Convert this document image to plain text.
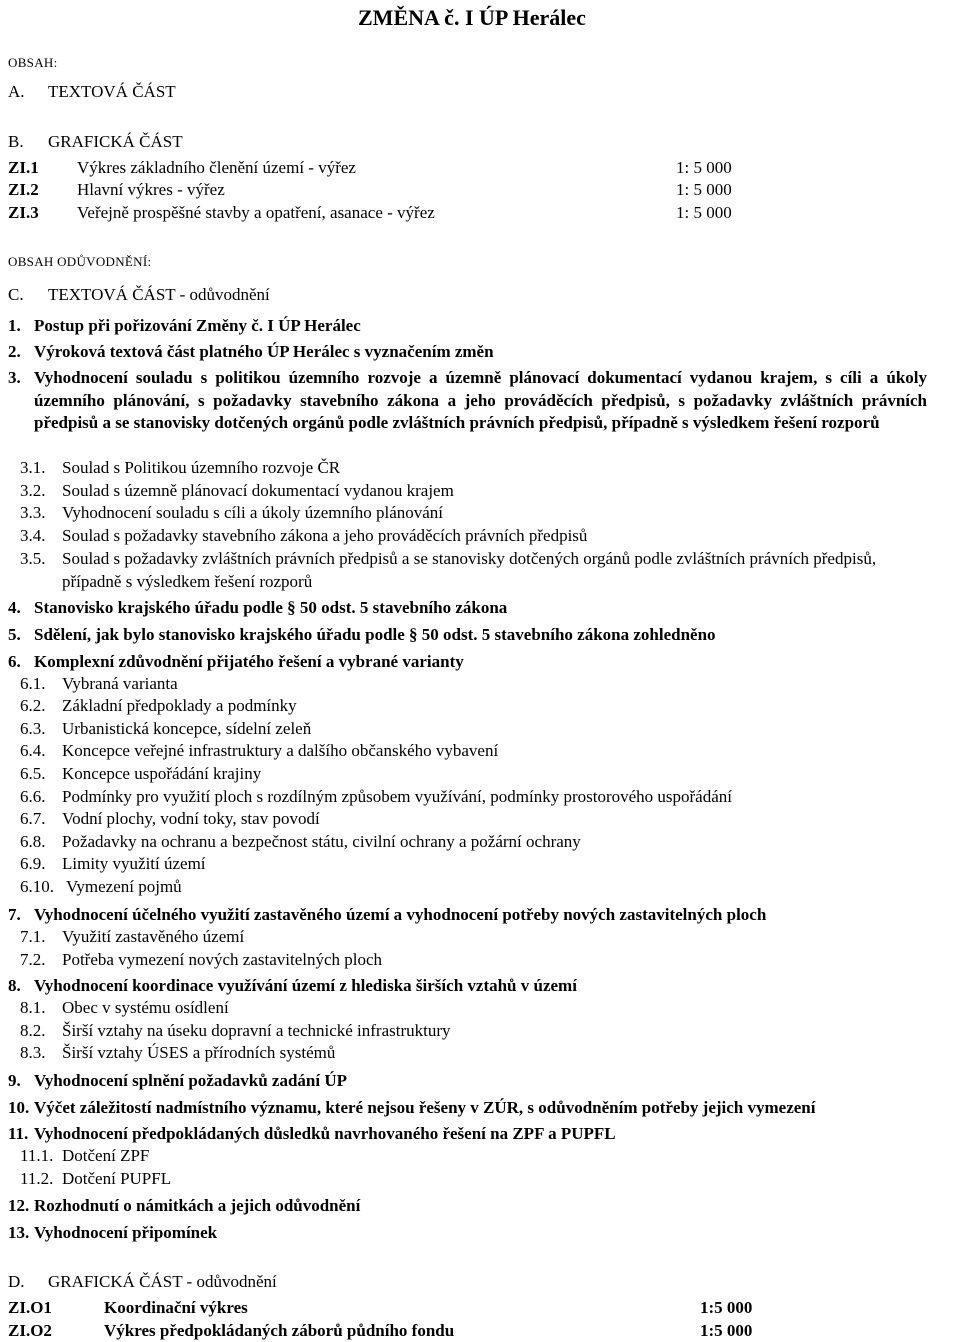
ZMĚNA č. I ÚP Herálec
OBSAH:
A. TEXTOVÁ ČÁST
B. GRAFICKÁ ČÁST
ZI.1 Výkres základního členění území - výřez	1: 5 000
ZI.2 Hlavní výkres - výřez	1: 5 000
ZI.3 Veřejně prospěšné stavby a opatření, asanace - výřez	1: 5 000
OBSAH ODŮVODNĚNÍ:
C. TEXTOVÁ ČÁST - odůvodnění
1. Postup při pořizování Změny č. I ÚP Herálec
2. Výroková textová část platného ÚP Herálec s vyznačením změn
3. Vyhodnocení souladu s politikou územního rozvoje a územně plánovací dokumentací vydanou krajem, s cíli a úkoly územního plánování, s požadavky stavebního zákona a jeho prováděcích předpisů, s požadavky zvláštních právních předpisů a se stanovisky dotčených orgánů podle zvláštních právních předpisů, případně s výsledkem řešení rozporů
3.1. Soulad s Politikou územního rozvoje ČR
3.2. Soulad s územně plánovací dokumentací vydanou krajem
3.3. Vyhodnocení souladu s cíli a úkoly územního plánování
3.4. Soulad s požadavky stavebního zákona a jeho prováděcích právních předpisů
3.5. Soulad s požadavky zvláštních právních předpisů a se stanovisky dotčených orgánů podle zvláštních právních předpisů, případně s výsledkem řešení rozporů
4. Stanovisko krajského úřadu podle § 50 odst. 5 stavebního zákona
5. Sdělení, jak bylo stanovisko krajského úřadu podle § 50 odst. 5 stavebního zákona zohledněno
6. Komplexní zdůvodnění přijatého řešení a vybrané varianty
6.1. Vybraná varianta
6.2. Základní předpoklady a podmínky
6.3. Urbanistická koncepce, sídelní zeleň
6.4. Koncepce veřejné infrastruktury a dalšího občanského vybavení
6.5. Koncepce uspořádání krajiny
6.6. Podmínky pro využití ploch s rozdílným způsobem využívání, podmínky prostorového uspořádání
6.7. Vodní plochy, vodní toky, stav povodí
6.8. Požadavky na ochranu a bezpečnost státu, civilní ochrany a požární ochrany
6.9. Limity využití území
6.10. Vymezení pojmů
7. Vyhodnocení účelného využití zastavěného území a vyhodnocení potřeby nových zastavitelných ploch
7.1. Využití zastavěného území
7.2. Potřeba vymezení nových zastavitelných ploch
8. Vyhodnocení koordinace využívání území z hlediska širších vztahů v území
8.1. Obec v systému osídlení
8.2. Širší vztahy na úseku dopravní a technické infrastruktury
8.3. Širší vztahy ÚSES a přírodních systémů
9. Vyhodnocení splnění požadavků zadání ÚP
10. Výčet záležitostí nadmístního významu, které nejsou řešeny v ZÚR, s odůvodněním potřeby jejich vymezení
11. Vyhodnocení předpokládaných důsledků navrhovaného řešení na ZPF a PUPFL
11.1. Dotčení ZPF
11.2. Dotčení PUPFL
12. Rozhodnutí o námitkách a jejich odůvodnění
13. Vyhodnocení připomínek
D. GRAFICKÁ ČÁST - odůvodnění
ZI.O1	Koordinační výkres	1:5 000
ZI.O2	Výkres předpokládaných záborů půdního fondu	1:5 000
